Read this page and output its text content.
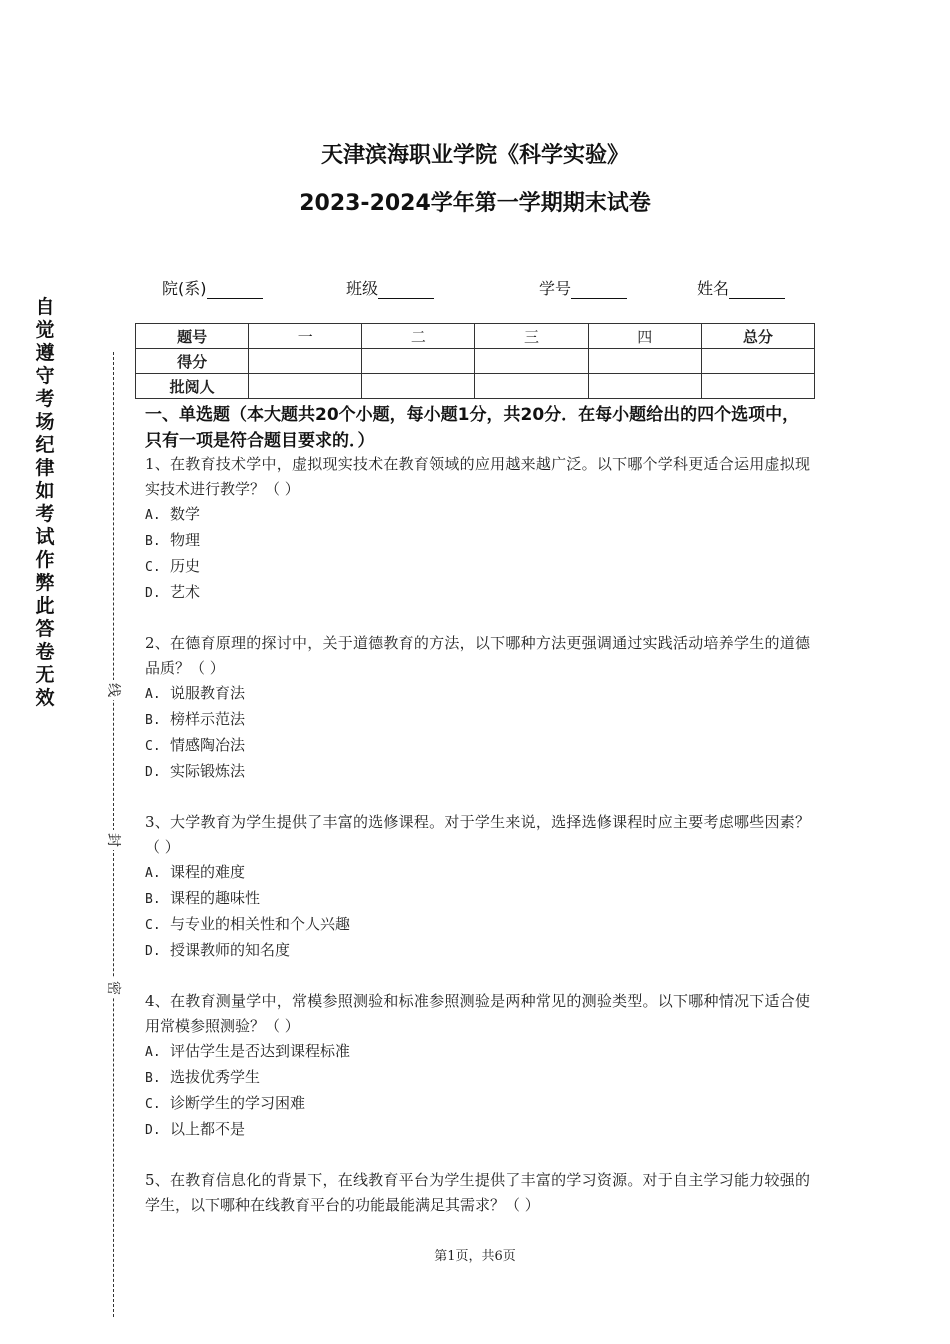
天津滨海职业学院《科学实验》
2023-2024学年第一学期期末试卷
自觉遵守考场纪律如考试作弊此答卷无效	线
封
密
院(系)	班级	学号	姓名
题号	一	二	三	四	总分
得分					
批阅人					
一、单选题（本大题共20个小题，每小题1分，共20分．在每小题给出的四个选项中，只有一项是符合题目要求的．）
1、在教育技术学中，虚拟现实技术在教育领域的应用越来越广泛。以下哪个学科更适合运用虚拟现实技术进行教学？（ ）
A. 数学
B. 物理
C. 历史
D. 艺术
2、在德育原理的探讨中，关于道德教育的方法，以下哪种方法更强调通过实践活动培养学生的道德品质？（ ）
A. 说服教育法
B. 榜样示范法
C. 情感陶冶法
D. 实际锻炼法
3、大学教育为学生提供了丰富的选修课程。对于学生来说，选择选修课程时应主要考虑哪些因素？（ ）
A. 课程的难度
B. 课程的趣味性
C. 与专业的相关性和个人兴趣
D. 授课教师的知名度
4、在教育测量学中，常模参照测验和标准参照测验是两种常见的测验类型。以下哪种情况下适合使用常模参照测验？（ ）
A. 评估学生是否达到课程标准
B. 选拔优秀学生
C. 诊断学生的学习困难
D. 以上都不是
5、在教育信息化的背景下，在线教育平台为学生提供了丰富的学习资源。对于自主学习能力较强的学生，以下哪种在线教育平台的功能最能满足其需求？（ ）
第1页，共6页
